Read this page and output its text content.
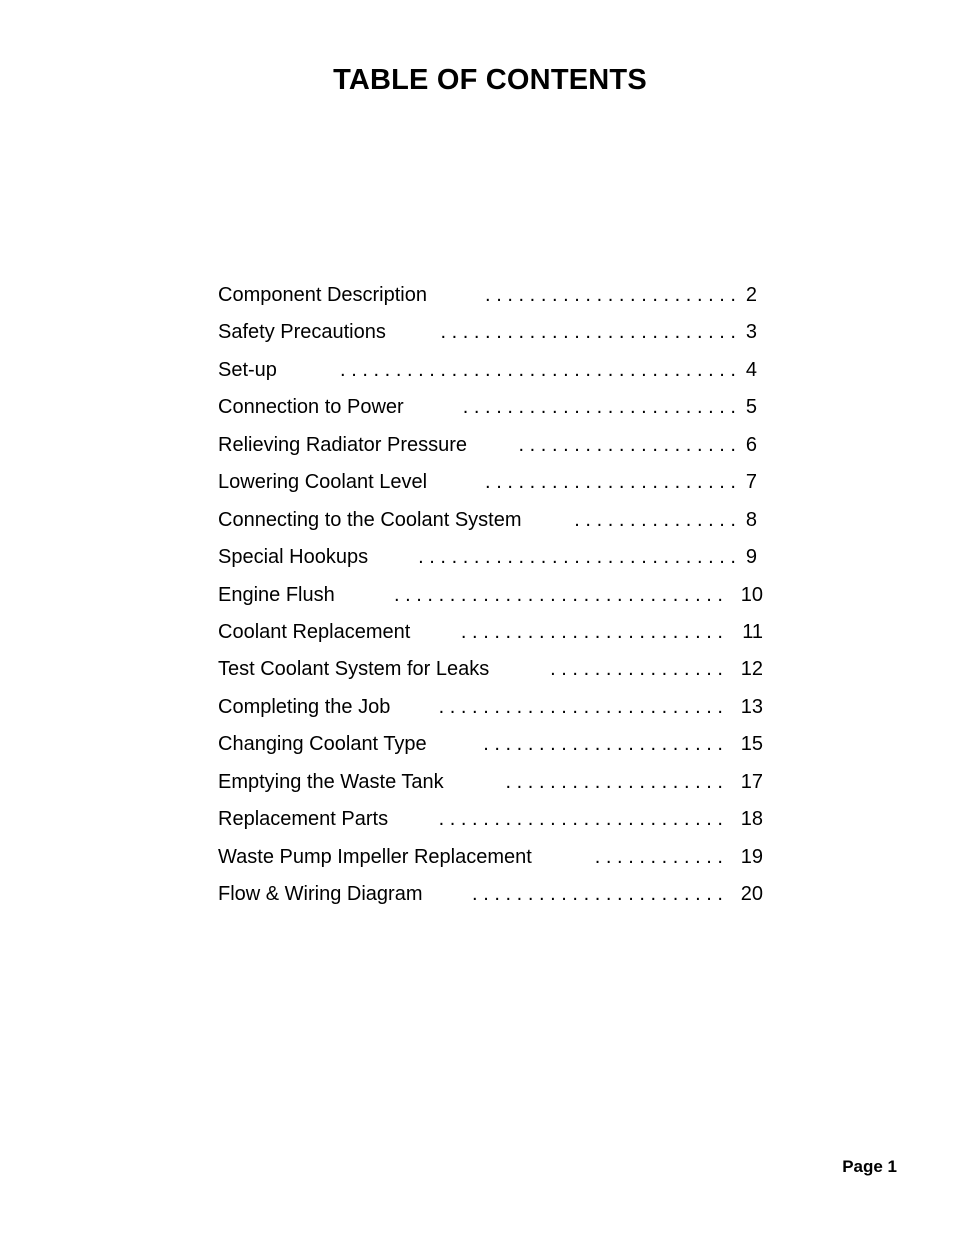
TABLE OF CONTENTS
Component Description	. . . . . . . . . . . . . . . . . . . . . . . 2
Safety Precautions	. . . . . . . . . . . . . . . . . . . . . . . . . . . 3
Set-up	. . . . . . . . . . . . . . . . . . . . . . . . . . . . . . . . . . . . 4
Connection to Power	. . . . . . . . . . . . . . . . . . . . . . . . . 5
Relieving Radiator Pressure	. . . . . . . . . . . . . . . . . . . . 6
Lowering Coolant Level	. . . . . . . . . . . . . . . . . . . . . . . 7
Connecting to the Coolant System	. . . . . . . . . . . . . . . 8
Special Hookups	. . . . . . . . . . . . . . . . . . . . . . . . . . . . . 9
Engine Flush	. . . . . . . . . . . . . . . . . . . . . . . . . . . . . . 10
Coolant Replacement	. . . . . . . . . . . . . . . . . . . . . . . . 11
Test Coolant System for Leaks	. . . . . . . . . . . . . . . . 12
Completing the Job . . . . . . . . . . . . . . . . . . . . . . . . . . 13
Changing Coolant Type	. . . . . . . . . . . . . . . . . . . . . . 15
Emptying the Waste Tank	. . . . . . . . . . . . . . . . . . . . 17
Replacement Parts	. . . . . . . . . . . . . . . . . . . . . . . . . . 18
Waste Pump Impeller Replacement	. . . . . . . . . . . . 19
Flow & Wiring Diagram . . . . . . . . . . . . . . . . . . . . . . . 20
Page 1
